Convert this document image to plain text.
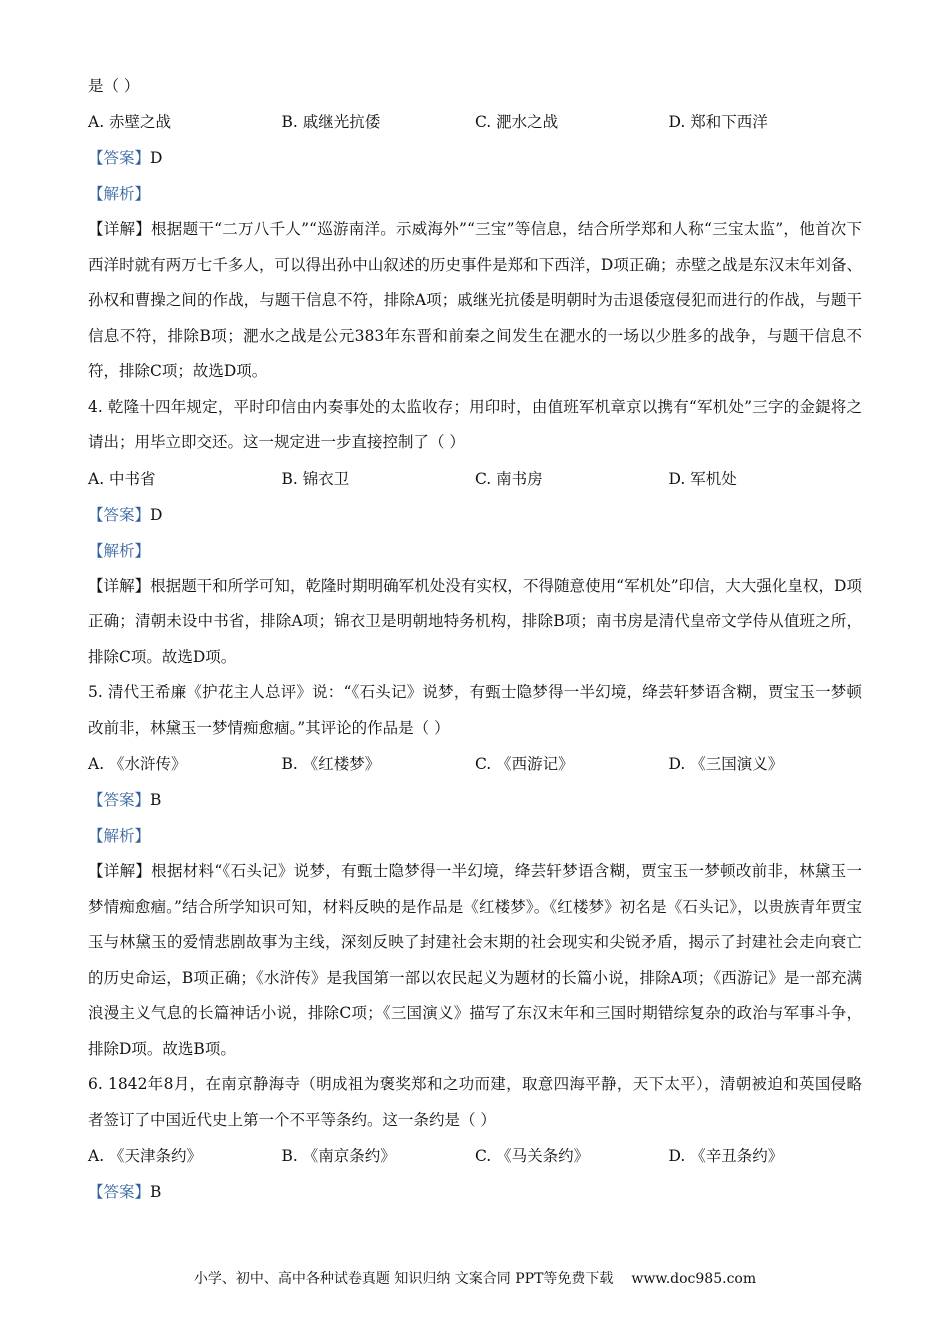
是（ ）
A. 赤壁之战	B. 戚继光抗倭	C. 淝水之战	D. 郑和下西洋
【答案】D
【解析】
【详解】根据题干“二万八千人”“巡游南洋。示威海外”“三宝”等信息，结合所学郑和人称“三宝太监”，他首次下西洋时就有两万七千多人，可以得出孙中山叙述的历史事件是郑和下西洋，D项正确；赤壁之战是东汉末年刘备、孙权和曹操之间的作战，与题干信息不符，排除A项；戚继光抗倭是明朝时为击退倭寇侵犯而进行的作战，与题干信息不符，排除B项；淝水之战是公元383年东晋和前秦之间发生在淝水的一场以少胜多的战争，与题干信息不符，排除C项；故选D项。
4. 乾隆十四年规定，平时印信由内奏事处的太监收存；用印时，由值班军机章京以携有“军机处”三字的金鍉将之请出；用毕立即交还。这一规定进一步直接控制了（ ）
A. 中书省	B. 锦衣卫	C. 南书房	D. 军机处
【答案】D
【解析】
【详解】根据题干和所学可知，乾隆时期明确军机处没有实权，不得随意使用“军机处”印信，大大强化皇权，D项正确；清朝未设中书省，排除A项；锦衣卫是明朝地特务机构，排除B项；南书房是清代皇帝文学侍从值班之所，排除C项。故选D项。
5. 清代王希廉《护花主人总评》说：“《石头记》说梦，有甄士隐梦得一半幻境，绛芸轩梦语含糊，贾宝玉一梦顿改前非，林黛玉一梦情痴愈痼。”其评论的作品是（ ）
A. 《水浒传》	B. 《红楼梦》	C. 《西游记》	D. 《三国演义》
【答案】B
【解析】
【详解】根据材料“《石头记》说梦，有甄士隐梦得一半幻境，绛芸轩梦语含糊，贾宝玉一梦顿改前非，林黛玉一梦情痴愈痼。”结合所学知识可知，材料反映的是作品是《红楼梦》。《红楼梦》初名是《石头记》，以贵族青年贾宝玉与林黛玉的爱情悲剧故事为主线，深刻反映了封建社会末期的社会现实和尖锐矛盾，揭示了封建社会走向衰亡的历史命运，B项正确；《水浒传》是我国第一部以农民起义为题材的长篇小说，排除A项；《西游记》是一部充满浪漫主义气息的长篇神话小说，排除C项；《三国演义》描写了东汉末年和三国时期错综复杂的政治与军事斗争，排除D项。故选B项。
6. 1842年8月，在南京静海寺（明成祖为褒奖郑和之功而建，取意四海平静，天下太平），清朝被迫和英国侵略者签订了中国近代史上第一个不平等条约。这一条约是（ ）
A. 《天津条约》	B. 《南京条约》	C. 《马关条约》	D. 《辛丑条约》
【答案】B
小学、初中、高中各种试卷真题 知识归纳 文案合同 PPT等免费下载 www.doc985.com
